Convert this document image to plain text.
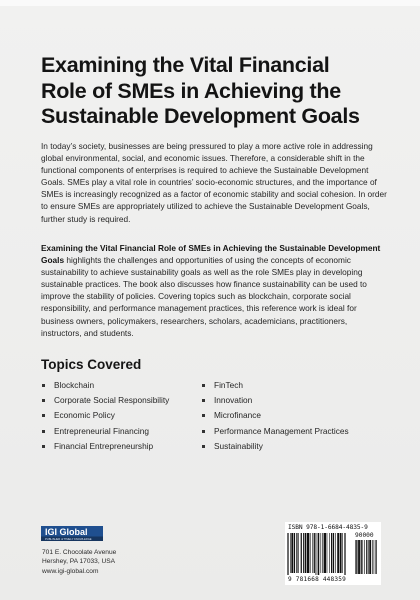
Examining the Vital Financial
Role of SMEs in Achieving the
Sustainable Development Goals

In today’s society, businesses are being pressured to play a more active role in addressing global environmental, social, and economic issues. Therefore, a considerable shift in the functional components of enterprises is required to achieve the Sustainable Development Goals. SMEs play a vital role in countries’ socio-economic structures, and the importance of SMEs is increasingly recognized as a factor of economic stability and social cohesion. In order to ensure SMEs are appropriately utilized to achieve the Sustainable Development Goals, further study is required.

Examining the Vital Financial Role of SMEs in Achieving the Sustainable Development Goals highlights the challenges and opportunities of using the concepts of economic sustainability to achieve sustainability goals as well as the role SMEs play in developing sustainable practices. The book also discusses how finance sustainability can be used to improve the stability of policies. Covering topics such as blockchain, corporate social responsibility, and performance management practices, this reference work is ideal for business owners, policymakers, researchers, scholars, academicians, practitioners, instructors, and students.

Topics Covered
Blockchain
Corporate Social Responsibility
Economic Policy
Entrepreneurial Financing
Financial Entrepreneurship
FinTech
Innovation
Microfinance
Performance Management Practices
Sustainability
IGI Global
PUBLISHER of TIMELY KNOWLEDGE

701 E. Chocolate Avenue
Hershey, PA 17033, USA
www.igi-global.com

ISBN 978-1-6684-4835-9
90000
9 781668 448359
